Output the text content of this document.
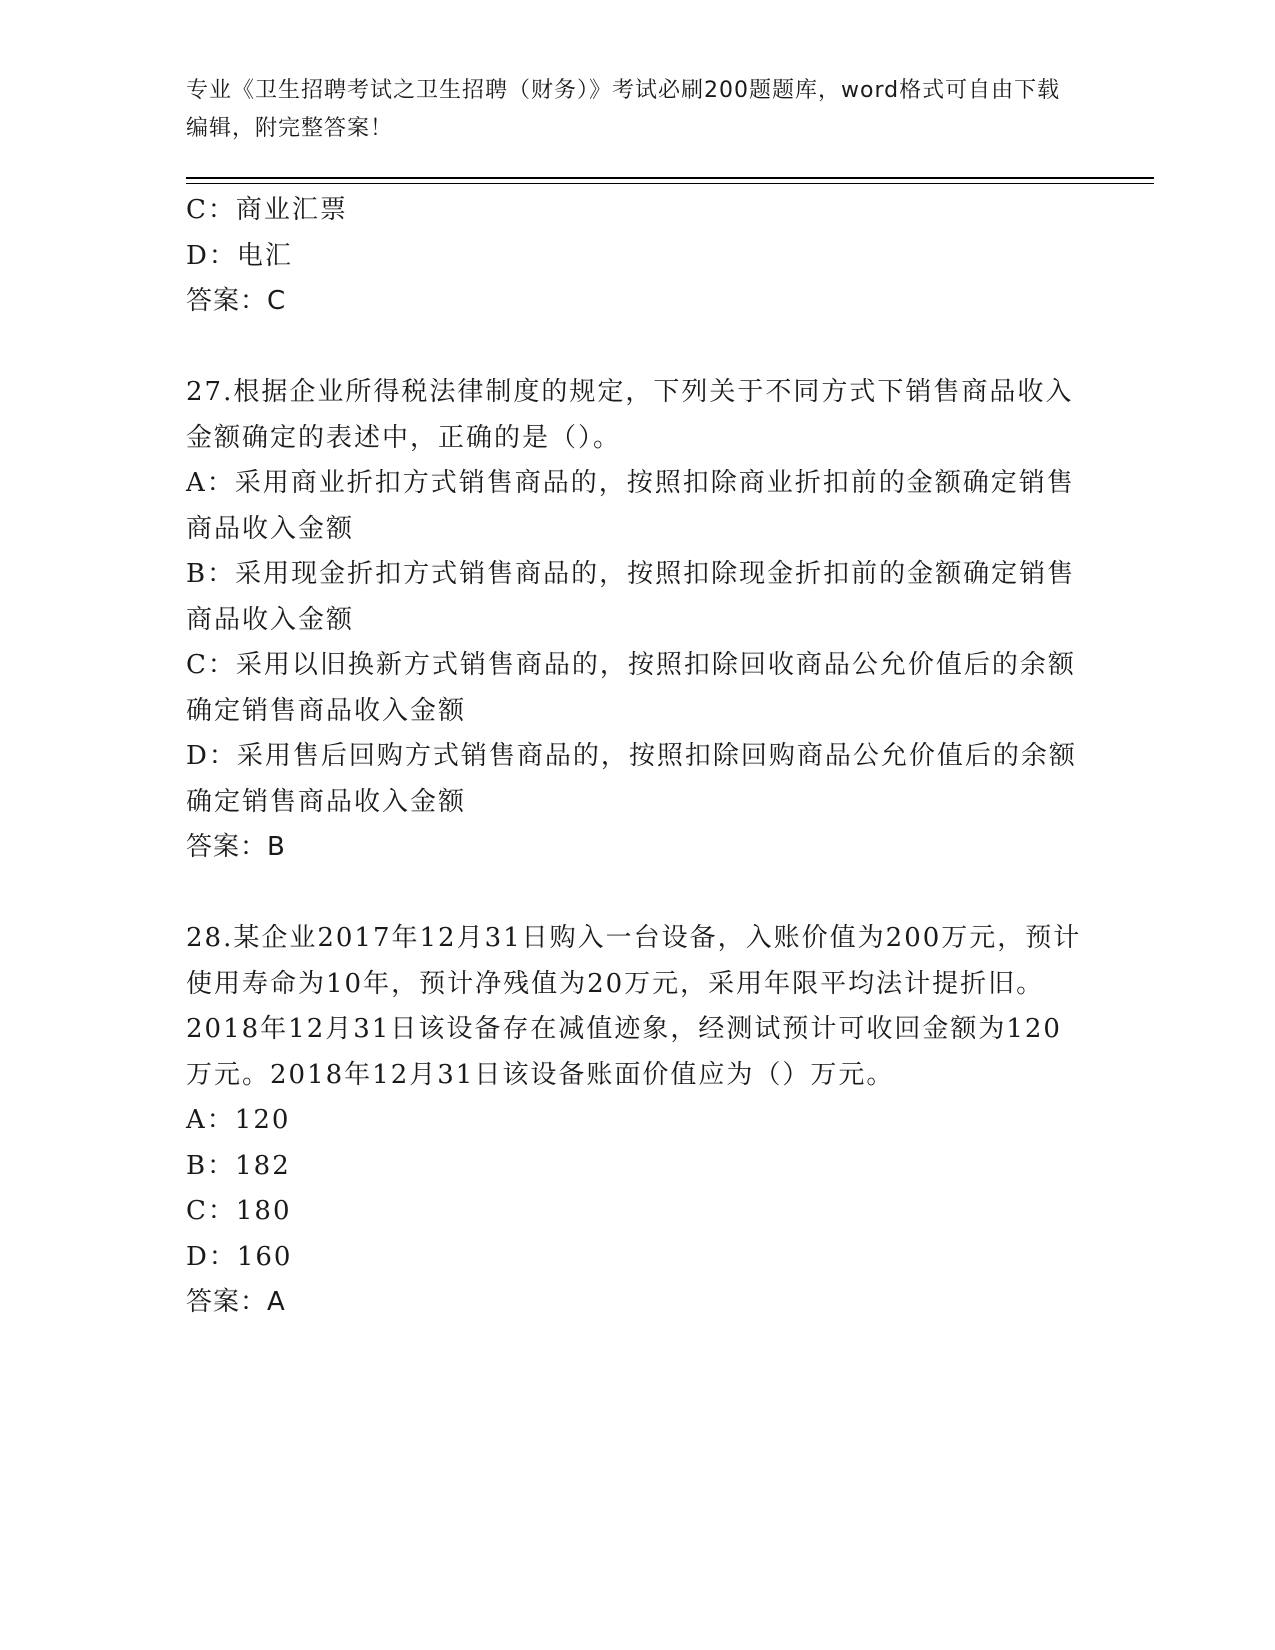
专业《卫生招聘考试之卫生招聘（财务）》考试必刷200题题库，word格式可自由下载编辑，附完整答案！

C：商业汇票

D：电汇

答案：C

27.根据企业所得税法律制度的规定，下列关于不同方式下销售商品收入金额确定的表述中，正确的是（）。

A：采用商业折扣方式销售商品的，按照扣除商业折扣前的金额确定销售商品收入金额

B：采用现金折扣方式销售商品的，按照扣除现金折扣前的金额确定销售商品收入金额

C：采用以旧换新方式销售商品的，按照扣除回收商品公允价值后的余额确定销售商品收入金额

D：采用售后回购方式销售商品的，按照扣除回购商品公允价值后的余额确定销售商品收入金额

答案：B

28.某企业2017年12月31日购入一台设备，入账价值为200万元，预计使用寿命为10年，预计净残值为20万元，采用年限平均法计提折旧。2018年12月31日该设备存在减值迹象，经测试预计可收回金额为120万元。2018年12月31日该设备账面价值应为（）万元。

A：120

B：182

C：180

D：160

答案：A
